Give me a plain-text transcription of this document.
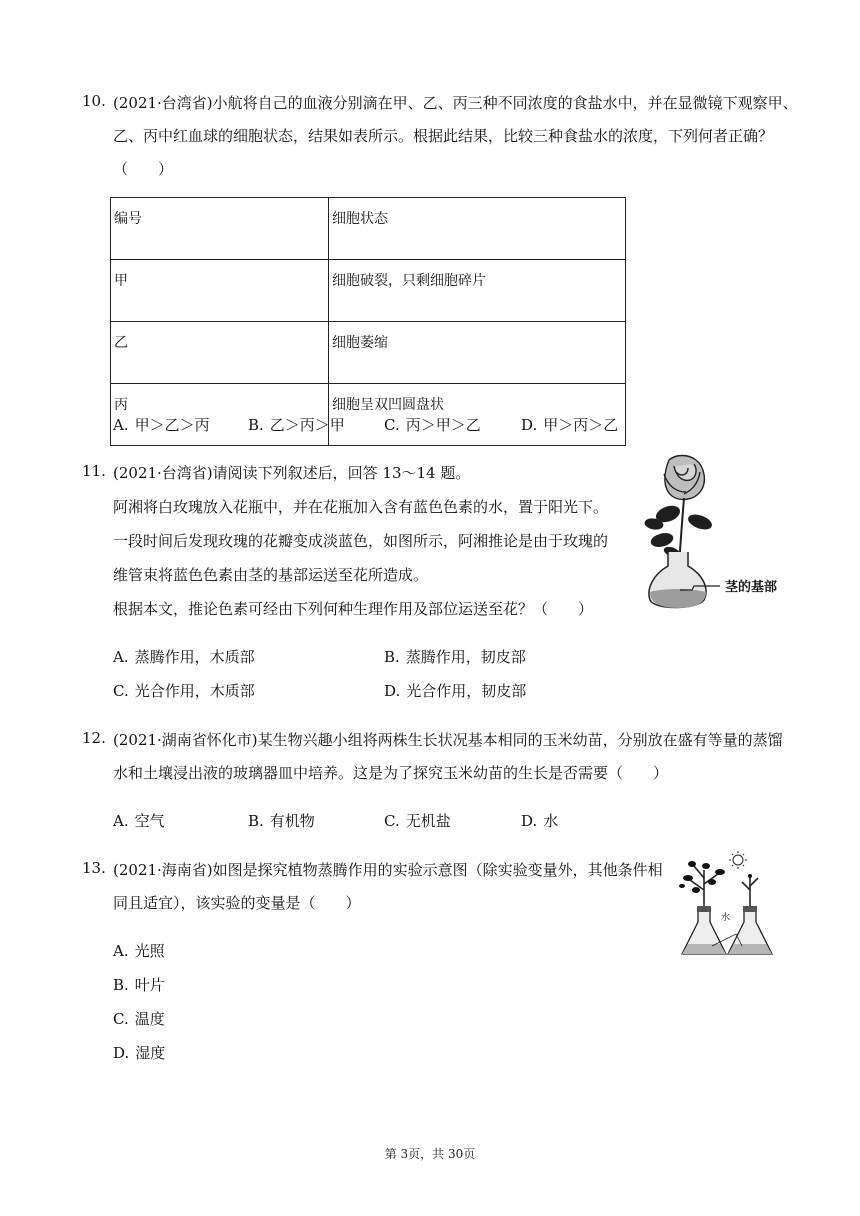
10. (2021·台湾省)小航将自己的血液分别滴在甲、乙、丙三种不同浓度的食盐水中，并在显微镜下观察甲、
乙、丙中红血球的细胞状态，结果如表所示。根据此结果，比较三种食盐水的浓度，下列何者正确？
（　　）
编号	细胞状态
甲	细胞破裂，只剩细胞碎片
乙	细胞萎缩
丙	细胞呈双凹圆盘状
A. 甲＞乙＞丙	B. 乙＞丙＞甲	C. 丙＞甲＞乙	D. 甲＞丙＞乙
11. (2021·台湾省)请阅读下列叙述后，回答 13～14 题。
阿湘将白玫瑰放入花瓶中，并在花瓶加入含有蓝色色素的水，置于阳光下。
一段时间后发现玫瑰的花瓣变成淡蓝色，如图所示，阿湘推论是由于玫瑰的
维管束将蓝色色素由茎的基部运送至花所造成。
根据本文，推论色素可经由下列何种生理作用及部位运送至花？（　　）
茎的基部
A. 蒸腾作用，木质部	B. 蒸腾作用，韧皮部
C. 光合作用，木质部	D. 光合作用，韧皮部
12. (2021·湖南省怀化市)某生物兴趣小组将两株生长状况基本相同的玉米幼苗，分别放在盛有等量的蒸馏
水和土壤浸出液的玻璃器皿中培养。这是为了探究玉米幼苗的生长是否需要（　　）
A. 空气	B. 有机物	C. 无机盐	D. 水
13. (2021·海南省)如图是探究植物蒸腾作用的实验示意图（除实验变量外，其他条件相
同且适宜），该实验的变量是（　　）
水
A. 光照
B. 叶片
C. 温度
D. 湿度
第 3页，共 30页
